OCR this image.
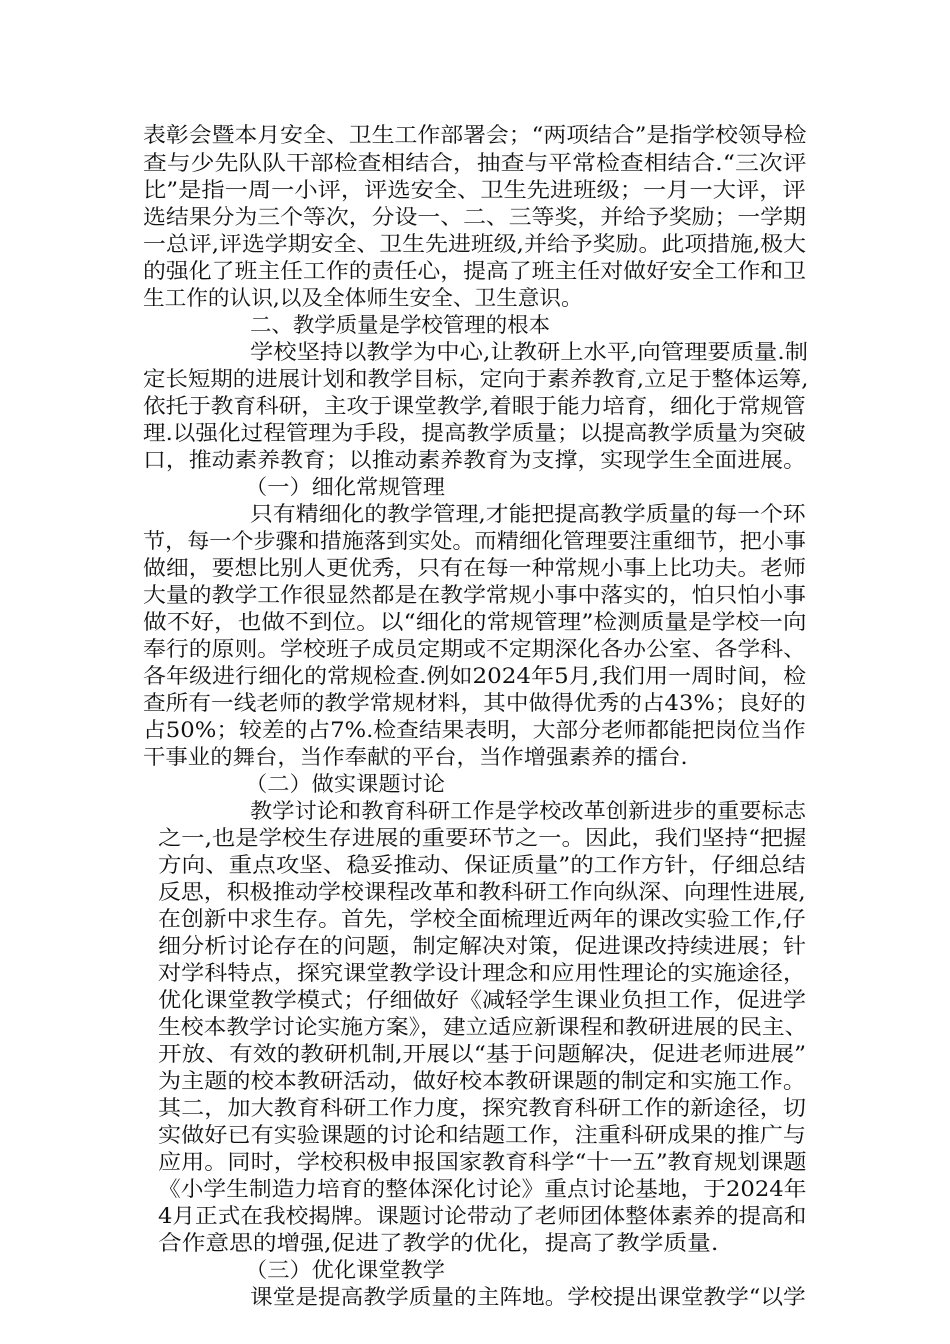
表彰会暨本月安全、卫生工作部署会；“两项结合”是指学校领导检
查与少先队队干部检查相结合，抽查与平常检查相结合.“三次评
比”是指一周一小评，评选安全、卫生先进班级；一月一大评，评
选结果分为三个等次，分设一、二、三等奖，并给予奖励；一学期
一总评,评选学期安全、卫生先进班级,并给予奖励。此项措施,极大
的强化了班主任工作的责任心，提高了班主任对做好安全工作和卫
生工作的认识,以及全体师生安全、卫生意识。
二、教学质量是学校管理的根本
学校坚持以教学为中心,让教研上水平,向管理要质量.制
定长短期的进展计划和教学目标，定向于素养教育,立足于整体运筹,
依托于教育科研，主攻于课堂教学,着眼于能力培育，细化于常规管
理.以强化过程管理为手段，提高教学质量；以提高教学质量为突破
口，推动素养教育；以推动素养教育为支撑，实现学生全面进展。
（一）细化常规管理
只有精细化的教学管理,才能把提高教学质量的每一个环
节，每一个步骤和措施落到实处。而精细化管理要注重细节，把小事
做细，要想比别人更优秀，只有在每一种常规小事上比功夫。老师
大量的教学工作很显然都是在教学常规小事中落实的，怕只怕小事
做不好，也做不到位。以“细化的常规管理”检测质量是学校一向
奉行的原则。学校班子成员定期或不定期深化各办公室、各学科、
各年级进行细化的常规检查.例如2024年5月,我们用一周时间，检
查所有一线老师的教学常规材料，其中做得优秀的占43%；良好的
占50%；较差的占7%.检查结果表明，大部分老师都能把岗位当作
干事业的舞台，当作奉献的平台，当作增强素养的擂台.
（二）做实课题讨论
教学讨论和教育科研工作是学校改革创新进步的重要标志
之一,也是学校生存进展的重要环节之一。因此，我们坚持“把握
方向、重点攻坚、稳妥推动、保证质量”的工作方针，仔细总结
反思，积极推动学校课程改革和教科研工作向纵深、向理性进展,
在创新中求生存。首先，学校全面梳理近两年的课改实验工作,仔
细分析讨论存在的问题，制定解决对策，促进课改持续进展；针
对学科特点，探究课堂教学设计理念和应用性理论的实施途径，
优化课堂教学模式；仔细做好《减轻学生课业负担工作，促进学
生校本教学讨论实施方案》，建立适应新课程和教研进展的民主、
开放、有效的教研机制,开展以“基于问题解决，促进老师进展”
为主题的校本教研活动，做好校本教研课题的制定和实施工作。
其二，加大教育科研工作力度，探究教育科研工作的新途径，切
实做好已有实验课题的讨论和结题工作，注重科研成果的推广与
应用。同时，学校积极申报国家教育科学“十一五”教育规划课题
《小学生制造力培育的整体深化讨论》重点讨论基地，于2024年
4月正式在我校揭牌。课题讨论带动了老师团体整体素养的提高和
合作意思的增强,促进了教学的优化，提高了教学质量.
（三）优化课堂教学
课堂是提高教学质量的主阵地。学校提出课堂教学“以学
